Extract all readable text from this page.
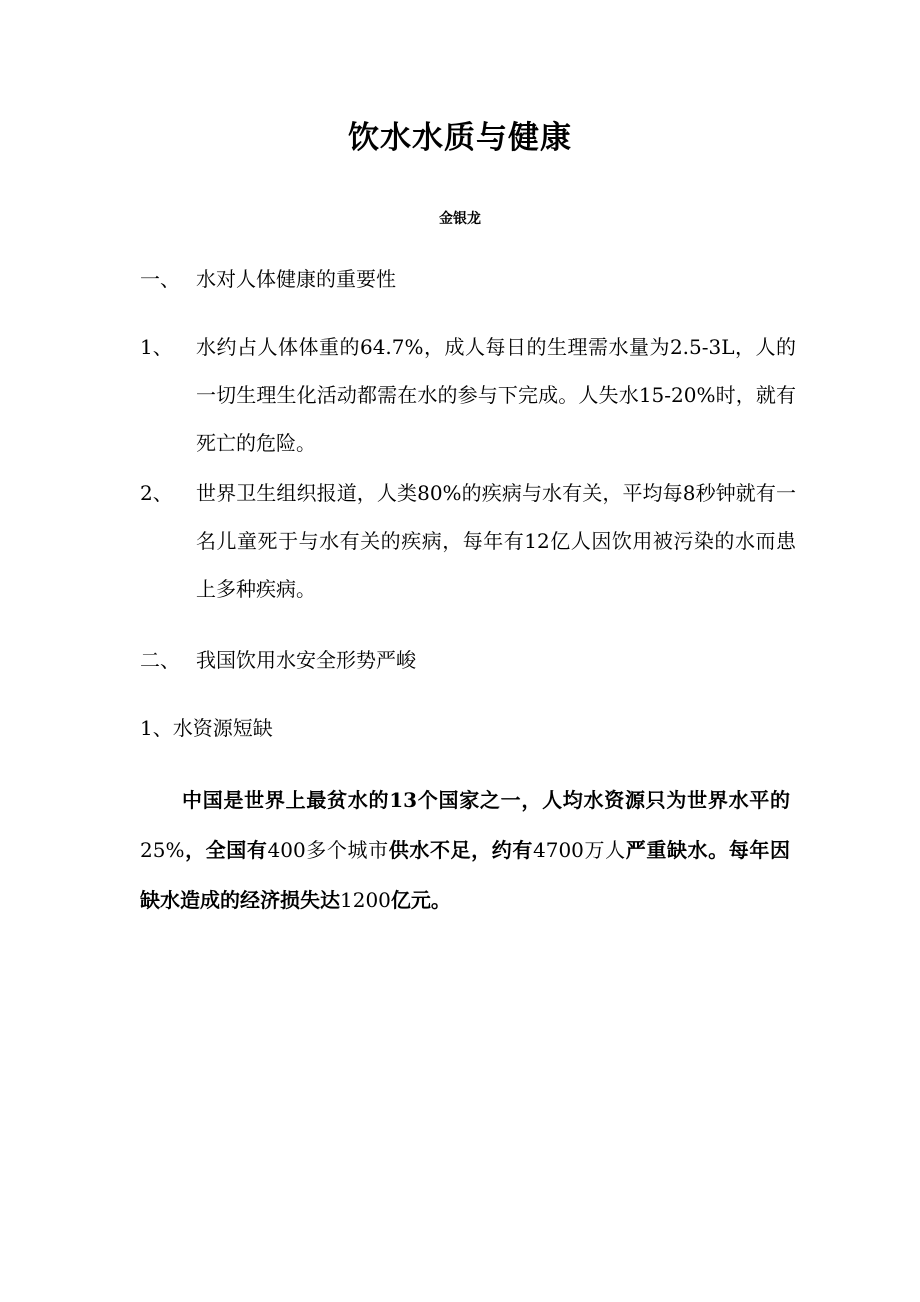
饮水水质与健康
金银龙
一、 水对人体健康的重要性
1、	水约占人体体重的64.7%，成人每日的生理需水量为2.5-3L，人的一切生理生化活动都需在水的参与下完成。人失水15-20%时，就有死亡的危险。
2、	世界卫生组织报道，人类80%的疾病与水有关，平均每8秒钟就有一名儿童死于与水有关的疾病，每年有12亿人因饮用被污染的水而患上多种疾病。
二、 我国饮用水安全形势严峻
1、水资源短缺
中国是世界上最贫水的13个国家之一，人均水资源只为世界水平的25%，全国有400多个城市供水不足，约有4700万人严重缺水。每年因缺水造成的经济损失达1200亿元。
